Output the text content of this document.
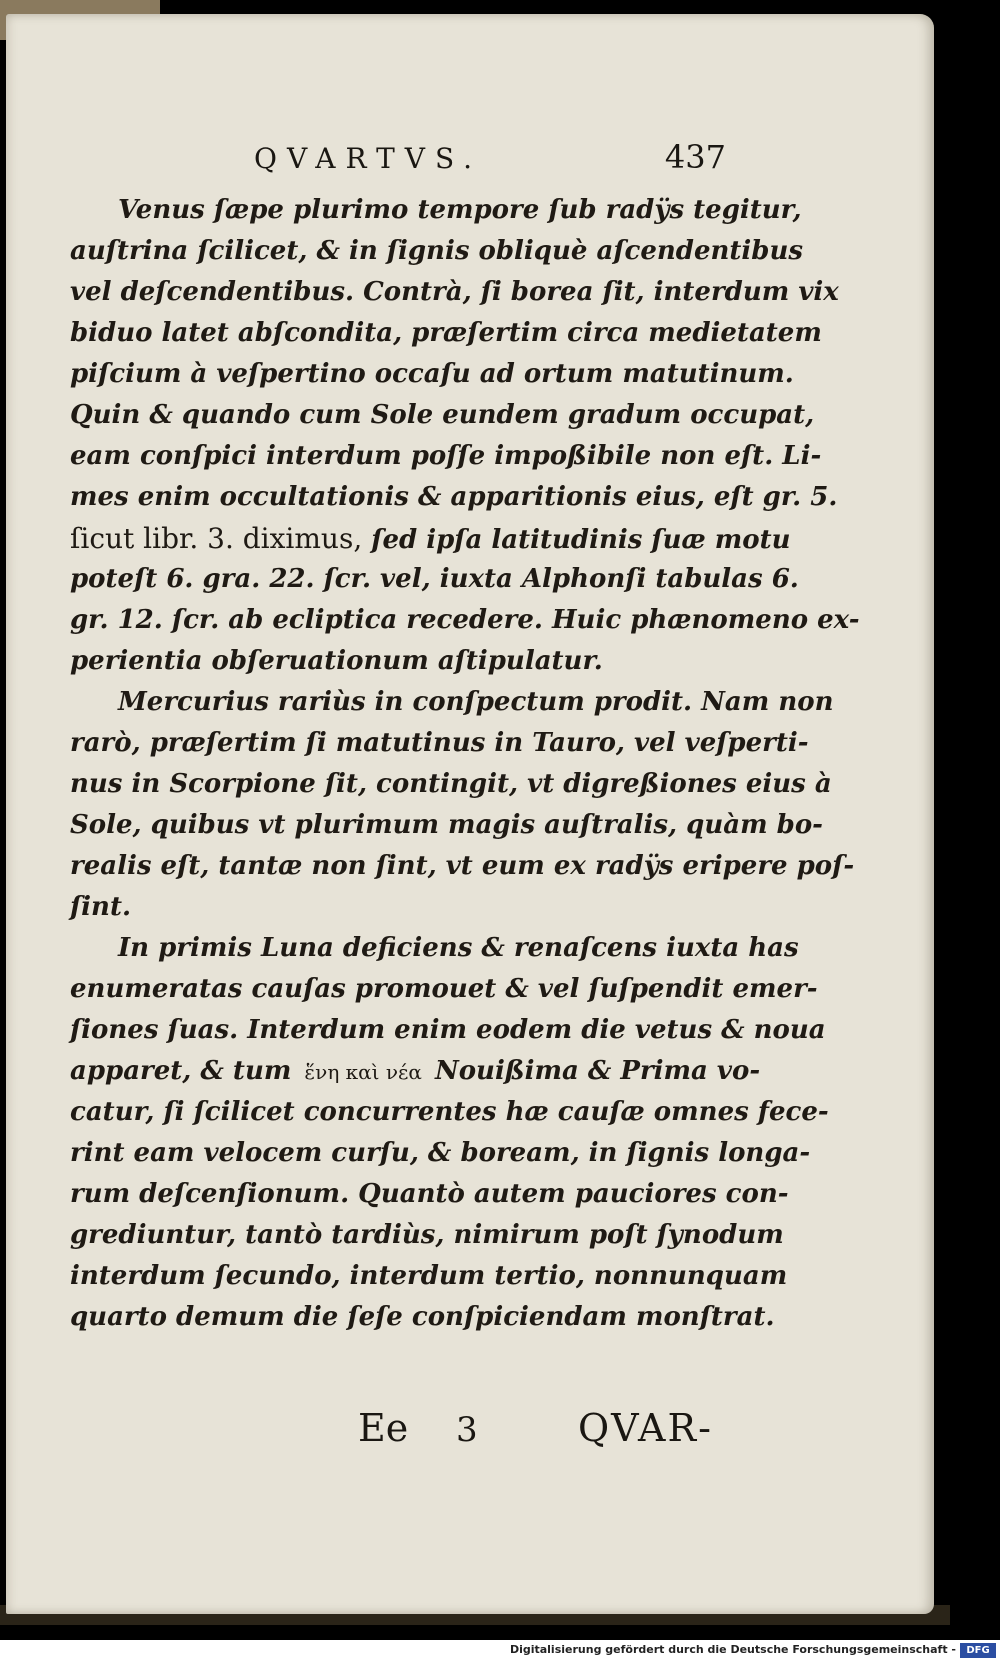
QVARTVS.	437
Venus ſæpe plurimo tempore ſub radÿs tegitur,
auſtrina ſcilicet, & in ſignis obliquè aſcendentibus
vel deſcendentibus. Contrà, ſi borea ſit, interdum vix
biduo latet abſcondita, præſertim circa medietatem
piſcium à veſpertino occaſu ad ortum matutinum.
Quin & quando cum Sole eundem gradum occupat,
eam conſpici interdum poſſe impoßibile non eſt. Li-
mes enim occultationis & apparitionis eius, eſt gr. 5.
ſicut libr. 3. diximus, ſed ipſa latitudinis ſuæ motu
poteſt 6. gra. 22. ſcr. vel, iuxta Alphonſi tabulas 6.
gr. 12. ſcr. ab ecliptica recedere. Huic phænomeno ex-
perientia obſeruationum aſtipulatur.
Mercurius rariùs in conſpectum prodit. Nam non
rarò, præſertim ſi matutinus in Tauro, vel veſperti-
nus in Scorpione ſit, contingit, vt digreßiones eius à
Sole, quibus vt plurimum magis auſtralis, quàm bo-
realis eſt, tantæ non ſint, vt eum ex radÿs eripere poſ-
ſint.
In primis Luna deficiens & renaſcens iuxta has
enumeratas cauſas promouet & vel ſuſpendit emer-
ſiones ſuas. Interdum enim eodem die vetus & noua
apparet, & tum ἕνη καὶ νέα Nouißima & Prima vo-
catur, ſi ſcilicet concurrentes hæ cauſæ omnes fece-
rint eam velocem curſu, & boream, in ſignis longa-
rum deſcenſionum. Quantò autem pauciores con-
grediuntur, tantò tardiùs, nimirum poſt ſynodum
interdum ſecundo, interdum tertio, nonnunquam
quarto demum die ſeſe conſpiciendam monſtrat.
Ee 3	QVAR-
Digitalisierung gefördert durch die Deutsche Forschungsgemeinschaft -	DFG
